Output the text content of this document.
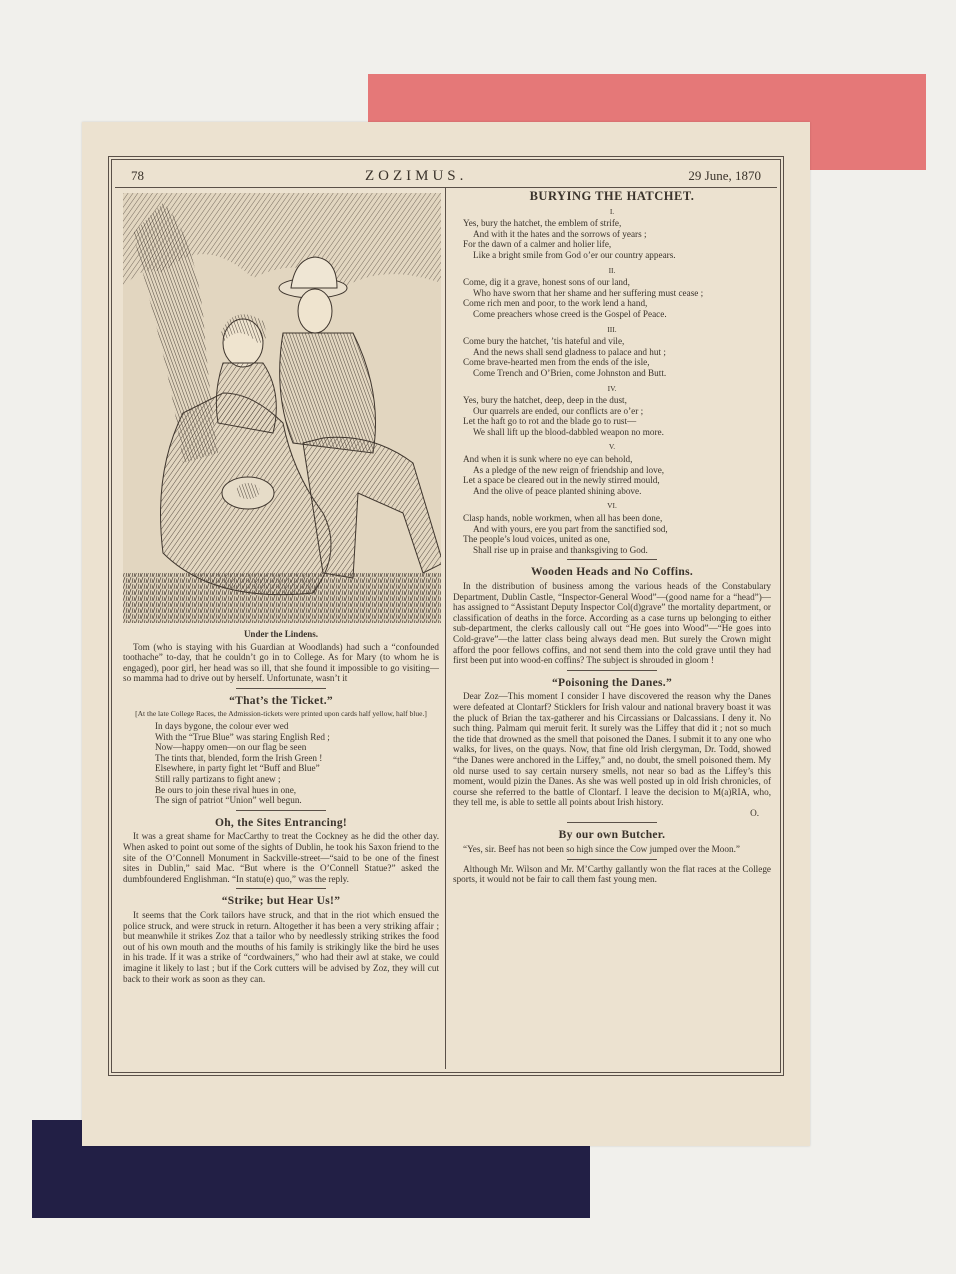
78	ZOZIMUS.	29 June, 1870
Under the Lindens.

Tom (who is staying with his Guardian at Woodlands) had such a “confounded toothache” to-day, that he couldn’t go in to College. As for Mary (to whom he is engaged), poor girl, her head was so ill, that she found it impossible to go visiting—so mamma had to drive out by herself. Unfortunate, wasn’t it

“That’s the Ticket.”
[At the late College Races, the Admission-tickets were printed upon cards half yellow, half blue.]
In days bygone, the colour ever wed
With the “True Blue” was staring English Red ;
Now—happy omen—on our flag be seen
The tints that, blended, form the Irish Green !
Elsewhere, in party fight let “Buff and Blue”
Still rally partizans to fight anew ;
Be ours to join these rival hues in one,
The sign of patriot “Union” well begun.
Oh, the Sites Entrancing!

It was a great shame for MacCarthy to treat the Cockney as he did the other day. When asked to point out some of the sights of Dublin, he took his Saxon friend to the site of the O’Connell Monument in Sackville-street—“said to be one of the finest sites in Dublin,” said Mac. “But where is the O’Connell Statue?” asked the dumbfoundered Englishman. “In statu(e) quo,” was the reply.

“Strike; but Hear Us!”

It seems that the Cork tailors have struck, and that in the riot which ensued the police struck, and were struck in return. Altogether it has been a very striking affair ; but meanwhile it strikes Zoz that a tailor who by needlessly striking strikes the food out of his own mouth and the mouths of his family is strikingly like the bird he uses in his trade. If it was a strike of “cordwainers,” who had their awl at stake, we could imagine it likely to last ; but if the Cork cutters will be advised by Zoz, they will cut back to their work as soon as they can.

BURYING THE HATCHET.
I.
Yes, bury the hatchet, the emblem of strife,
And with it the hates and the sorrows of years ;
For the dawn of a calmer and holier life,
Like a bright smile from God o’er our country appears.
II.
Come, dig it a grave, honest sons of our land,
Who have sworn that her shame and her suffering must cease ;
Come rich men and poor, to the work lend a hand,
Come preachers whose creed is the Gospel of Peace.
III.
Come bury the hatchet, ’tis hateful and vile,
And the news shall send gladness to palace and hut ;
Come brave-hearted men from the ends of the isle,
Come Trench and O’Brien, come Johnston and Butt.
IV.
Yes, bury the hatchet, deep, deep in the dust,
Our quarrels are ended, our conflicts are o’er ;
Let the haft go to rot and the blade go to rust—
We shall lift up the blood-dabbled weapon no more.
V.
And when it is sunk where no eye can behold,
As a pledge of the new reign of friendship and love,
Let a space be cleared out in the newly stirred mould,
And the olive of peace planted shining above.
VI.
Clasp hands, noble workmen, when all has been done,
And with yours, ere you part from the sanctified sod,
The people’s loud voices, united as one,
Shall rise up in praise and thanksgiving to God.
Wooden Heads and No Coffins.

In the distribution of business among the various heads of the Constabulary Department, Dublin Castle, “Inspector-General Wood”—(good name for a “head”)—has assigned to “Assistant Deputy Inspector Col(d)grave” the mortality department, or classification of deaths in the force. According as a case turns up belonging to either sub-department, the clerks callously call out “He goes into Wood”—“He goes into Cold-grave”—the latter class being always dead men. But surely the Crown might afford the poor fellows coffins, and not send them into the cold grave until they had first been put into wood-en coffins? The subject is shrouded in gloom !

“Poisoning the Danes.”

Dear Zoz—This moment I consider I have discovered the reason why the Danes were defeated at Clontarf? Sticklers for Irish valour and national bravery boast it was the pluck of Brian the tax-gatherer and his Circassians or Dalcassians. I deny it. No such thing. Palmam qui meruit ferit. It surely was the Liffey that did it ; not so much the tide that drowned as the smell that poisoned the Danes. I submit it to any one who walks, for lives, on the quays. Now, that fine old Irish clergyman, Dr. Todd, showed “the Danes were anchored in the Liffey,” and, no doubt, the smell poisoned them. My old nurse used to say certain nursery smells, not near so bad as the Liffey’s this moment, would pizin the Danes. As she was well posted up in old Irish chronicles, of course she referred to the battle of Clontarf. I leave the decision to M(a)RIA, who, they tell me, is able to settle all points about Irish history.

O.
By our own Butcher.

“Yes, sir. Beef has not been so high since the Cow jumped over the Moon.”

Although Mr. Wilson and Mr. M’Carthy gallantly won the flat races at the College sports, it would not be fair to call them fast young men.
